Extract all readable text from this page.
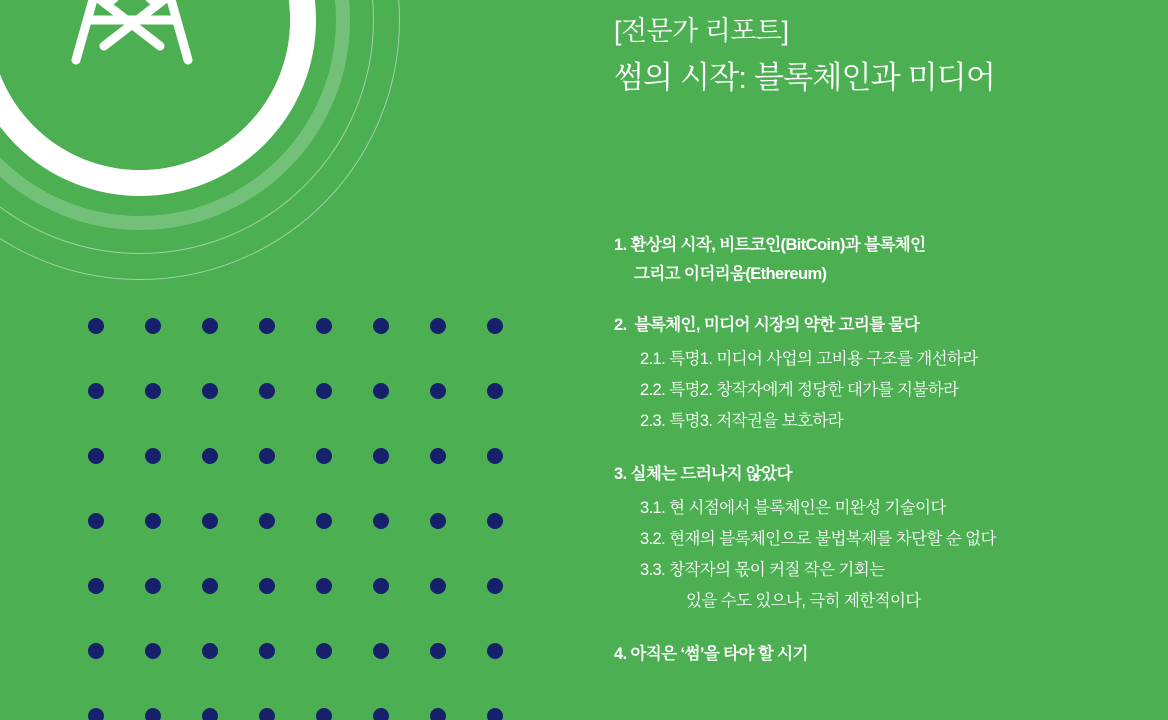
[전문가 리포트]
썸의 시작: 블록체인과 미디어
1. 환상의 시작, 비트코인(BitCoin)과 블록체인
그리고 이더리움(Ethereum)
2. 블록체인, 미디어 시장의 약한 고리를 물다
2.1. 특명1. 미디어 사업의 고비용 구조를 개선하라
2.2. 특명2. 창작자에게 정당한 대가를 지불하라
2.3. 특명3. 저작권을 보호하라
3. 실체는 드러나지 않았다
3.1. 현 시점에서 블록체인은 미완성 기술이다
3.2. 현재의 블록체인으로 불법복제를 차단할 순 없다
3.3. 창작자의 몫이 커질 작은 기회는
있을 수도 있으나, 극히 제한적이다
4. 아직은 ‘썸’을 타야 할 시기
